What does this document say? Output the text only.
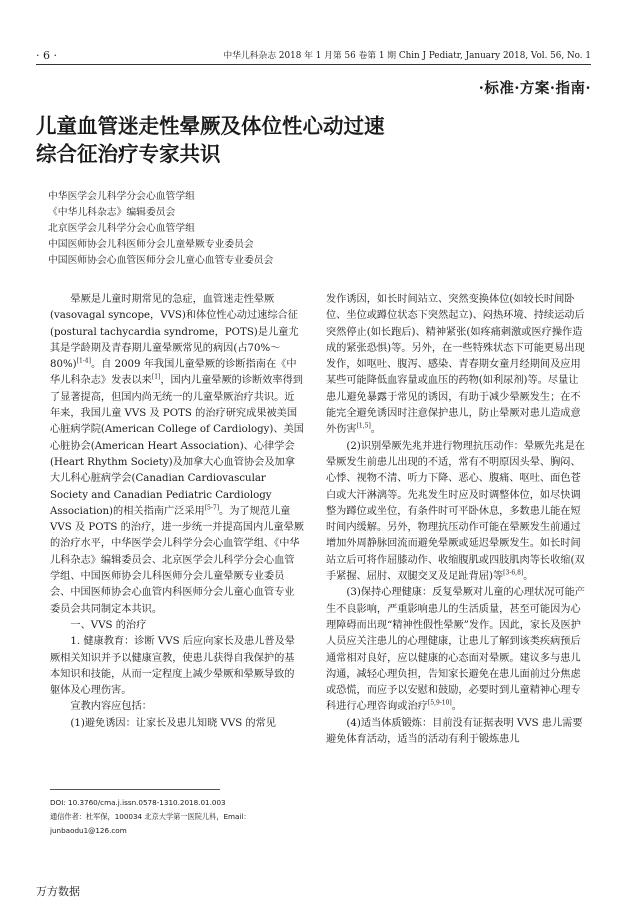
· 6 ·	中华儿科杂志 2018 年 1 月第 56 卷第 1 期 Chin J Pediatr, January 2018, Vol. 56, No. 1
·标准·方案·指南·
儿童血管迷走性晕厥及体位性心动过速
综合征治疗专家共识
中华医学会儿科学分会心血管学组
《中华儿科杂志》编辑委员会
北京医学会儿科学分会心血管学组
中国医师协会儿科医师分会儿童晕厥专业委员会
中国医师协会心血管医师分会儿童心血管专业委员会

晕厥是儿童时期常见的急症，血管迷走性晕厥(vasovagal syncope，VVS)和体位性心动过速综合征(postural tachycardia syndrome，POTS)是儿童尤其是学龄期及青春期儿童晕厥常见的病因(占70%～80%)[1-4]。自 2009 年我国儿童晕厥的诊断指南在《中华儿科杂志》发表以来[1]，国内儿童晕厥的诊断效率得到了显著提高，但国内尚无统一的儿童晕厥治疗共识。近年来，我国儿童 VVS 及 POTS 的治疗研究成果被美国心脏病学院(American College of Cardiology)、美国心脏协会(American Heart Association)、心律学会(Heart Rhythm Society)及加拿大心血管协会及加拿大儿科心脏病学会(Canadian Cardiovascular Society and Canadian Pediatric Cardiology Association)的相关指南广泛采用[5-7]。为了规范儿童 VVS 及 POTS 的治疗，进一步统一并提高国内儿童晕厥的治疗水平，中华医学会儿科学分会心血管学组、《中华儿科杂志》编辑委员会、北京医学会儿科学分会心血管学组、中国医师协会儿科医师分会儿童晕厥专业委员会、中国医师协会心血管内科医师分会儿童心血管专业委员会共同制定本共识。

一、VVS 的治疗

1. 健康教育：诊断 VVS 后应向家长及患儿普及晕厥相关知识并予以健康宣教，使患儿获得自我保护的基本知识和技能，从而一定程度上减少晕厥和晕厥导致的躯体及心理伤害。

宣教内容应包括：

(1)避免诱因：让家长及患儿知晓 VVS 的常见

发作诱因，如长时间站立、突然变换体位(如较长时间卧位、坐位或蹲位状态下突然起立)、闷热环境、持续运动后突然停止(如长跑后)、精神紧张(如疼痛刺激或医疗操作造成的紧张恐惧)等。另外，在一些特殊状态下可能更易出现发作，如呕吐、腹泻、感染、青春期女童月经期间及应用某些可能降低血容量或血压的药物(如利尿剂)等。尽量让患儿避免暴露于常见的诱因，有助于减少晕厥发生；在不能完全避免诱因时注意保护患儿，防止晕厥对患儿造成意外伤害[1,5]。

(2)识别晕厥先兆并进行物理抗压动作：晕厥先兆是在晕厥发生前患儿出现的不适，常有不明原因头晕、胸闷、心悸、视物不清、听力下降、恶心、腹痛、呕吐、面色苍白或大汗淋漓等。先兆发生时应及时调整体位，如尽快调整为蹲位或坐位，有条件时可平卧休息，多数患儿能在短时间内缓解。另外，物理抗压动作可能在晕厥发生前通过增加外周静脉回流而避免晕厥或延迟晕厥发生。如长时间站立后可将作屈膝动作、收缩腹肌或四肢肌肉等长收缩(双手紧握、屈肘、双腿交叉及足趾背屈)等[3-6,8]。

(3)保持心理健康：反复晕厥对儿童的心理状况可能产生不良影响，严重影响患儿的生活质量，甚至可能因为心理障碍而出现“精神性假性晕厥”发作。因此，家长及医护人员应关注患儿的心理健康，让患儿了解到该类疾病预后通常相对良好，应以健康的心态面对晕厥。建议多与患儿沟通，减轻心理负担，告知家长避免在患儿面前过分焦虑或恐慌，而应予以安慰和鼓励，必要时到儿童精神心理专科进行心理咨询或治疗[5,9-10]。

(4)适当体质锻炼：目前没有证据表明 VVS 患儿需要避免体育活动，适当的活动有利于锻炼患儿

DOI: 10.3760/cma.j.issn.0578-1310.2018.01.003
通信作者：杜军保，100034 北京大学第一医院儿科，Email：
junbaodu1@126.com
万方数据
